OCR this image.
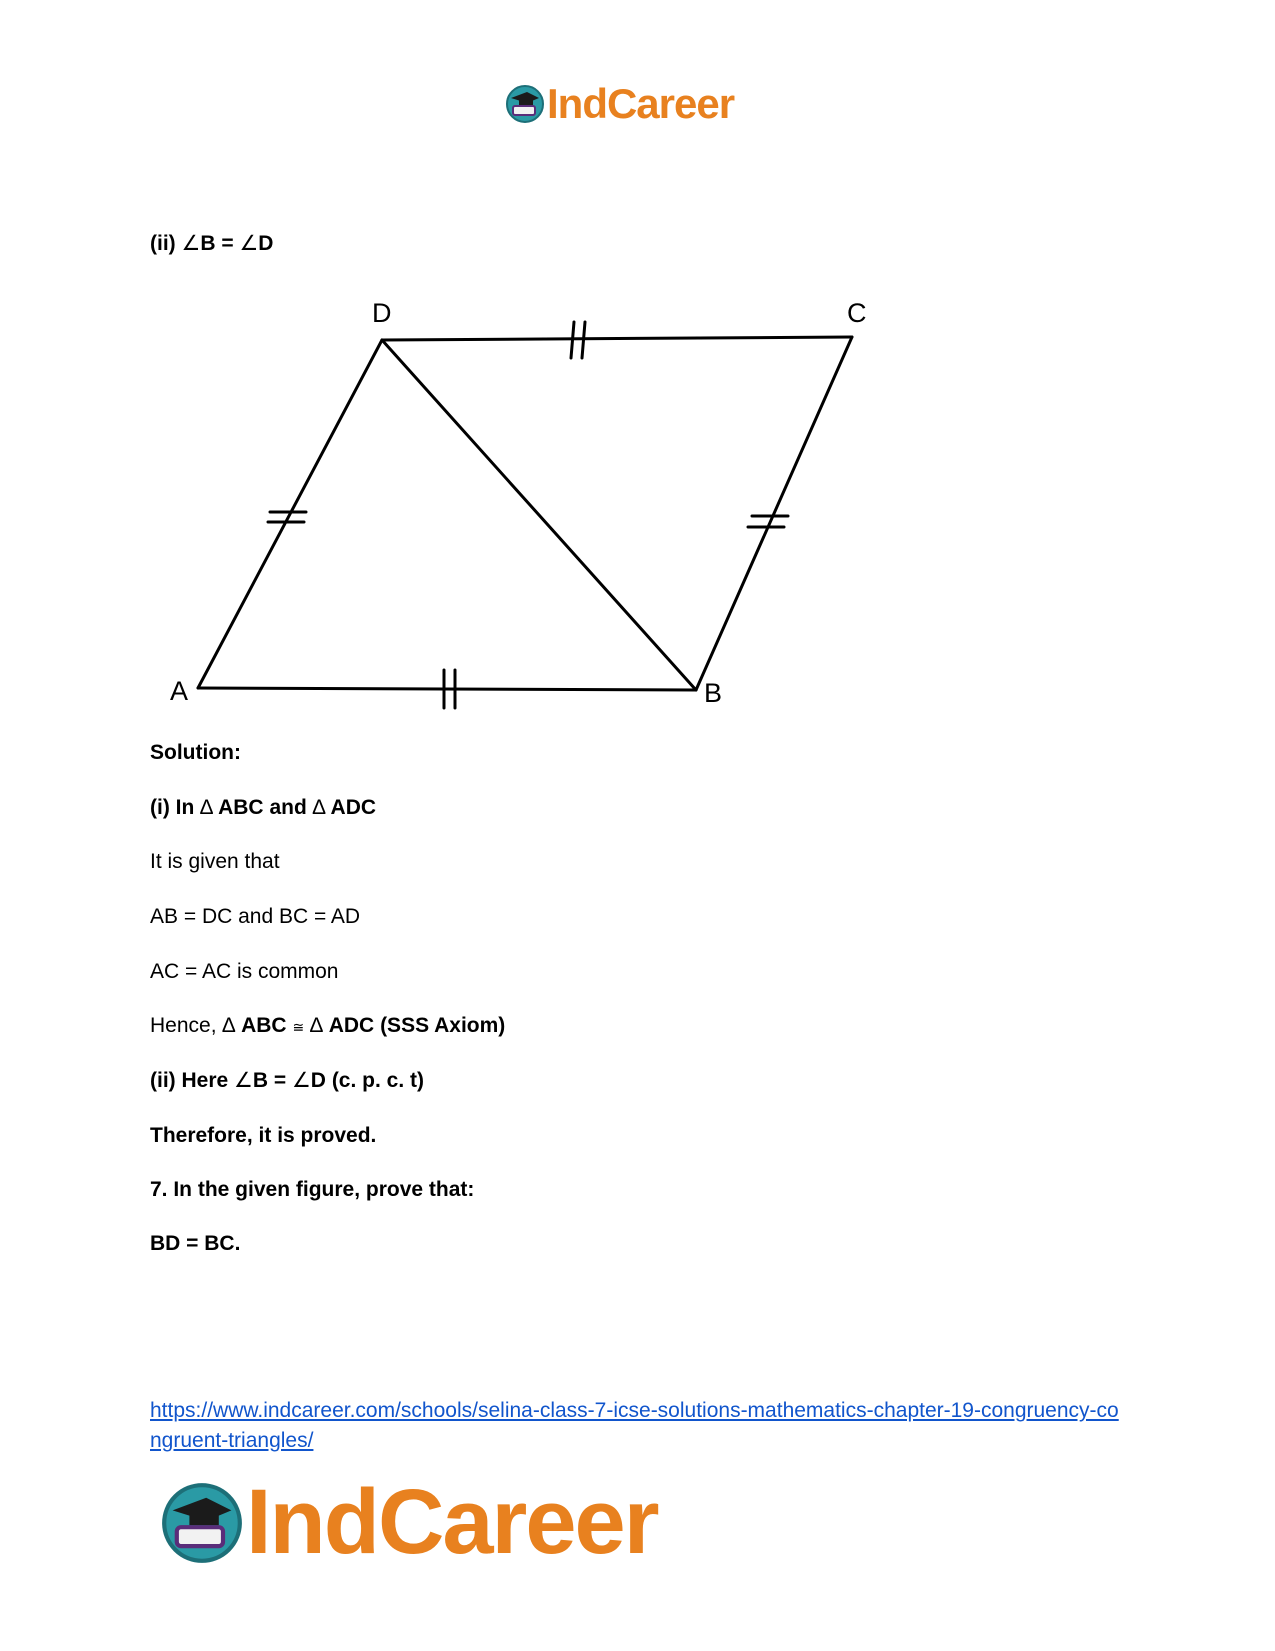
IndCareer
(ii) ∠B = ∠D
A	B
C
D
Solution:
(i) In ∆ ABC and ∆ ADC
It is given that
AB = DC and BC = AD
AC = AC is common
Hence, ∆ ABC ≅ ∆ ADC (SSS Axiom)
(ii) Here ∠B = ∠D (c. p. c. t)
Therefore, it is proved.
7. In the given figure, prove that:
BD = BC.
https://www.indcareer.com/schools/selina-class-7-icse-solutions-mathematics-chapter-19-congruency-congruent-triangles/
IndCareer
